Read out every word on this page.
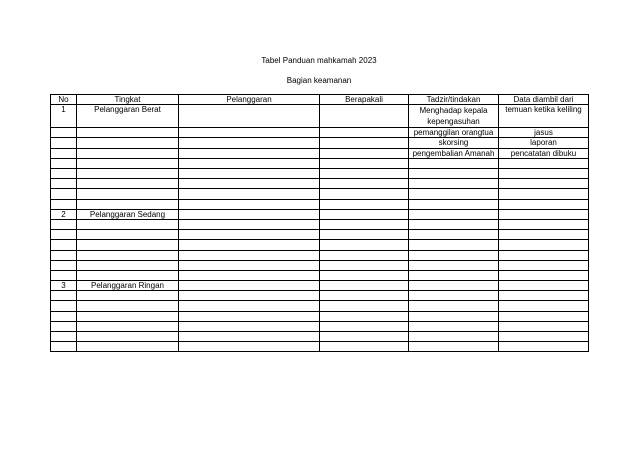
Tabel Panduan mahkamah 2023
Bagian keamanan
No	Tingkat	Pelanggaran	Berapakali	Tadzir/tindakan	Data diambil dari
1	Pelanggaran Berat			Menghadap kepala kepengasuhan	temuan ketika keliling
				pemanggilan orangtua	jasus
				skorsing	laporan
				pengembalian Amanah	pencatatan dibuku

2	Pelanggaran Sedang				

3	Pelanggaran Ringan				
